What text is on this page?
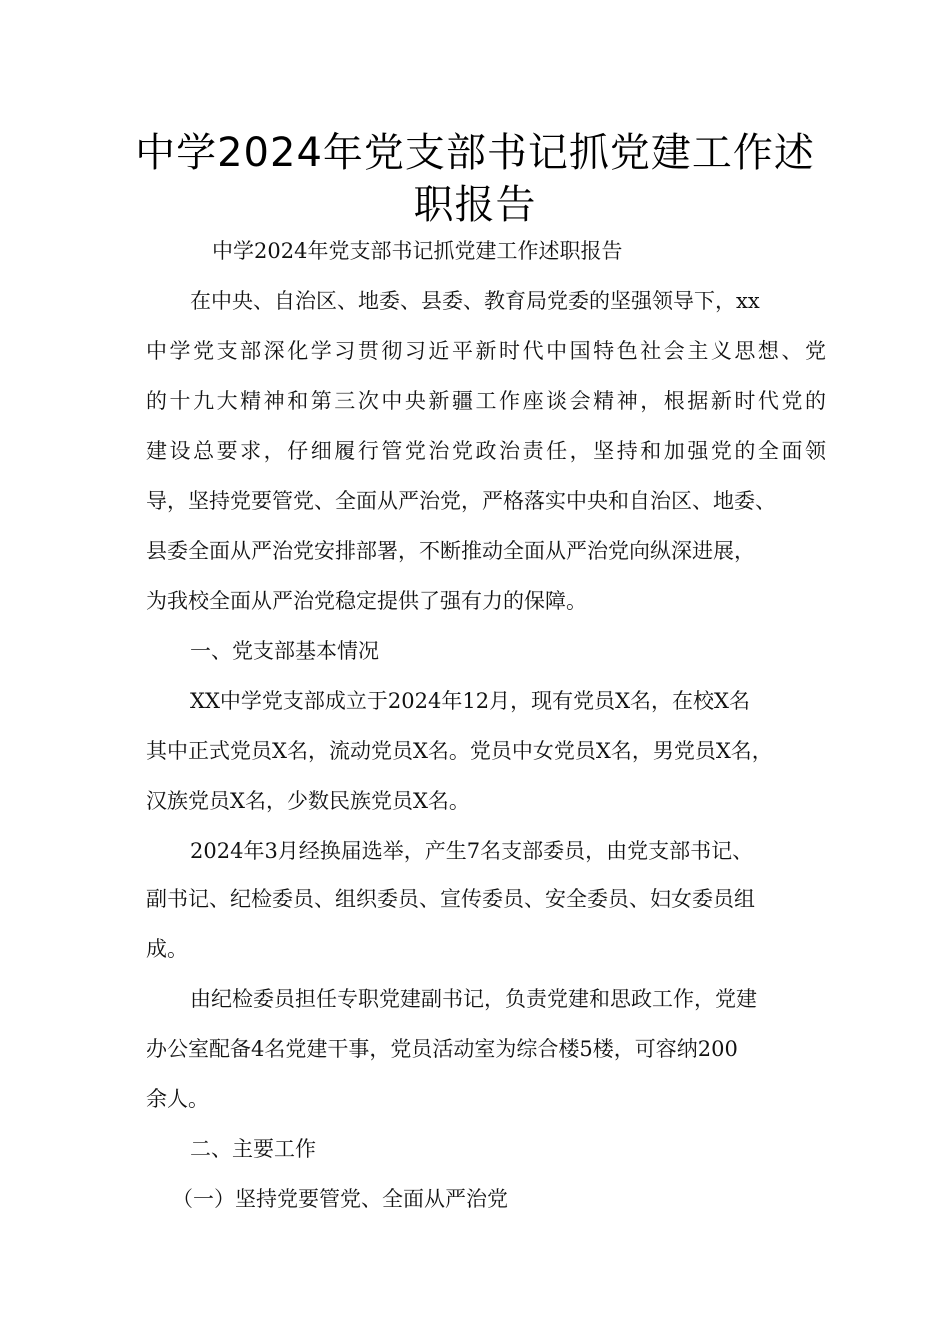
中学2024年党支部书记抓党建工作述
职报告

中学2024年党支部书记抓党建工作述职报告

在中央、自治区、地委、县委、教育局党委的坚强领导下，xx

中学党支部深化学习贯彻习近平新时代中国特色社会主义思想、党

的十九大精神和第三次中央新疆工作座谈会精神，根据新时代党的

建设总要求，仔细履行管党治党政治责任，坚持和加强党的全面领

导，坚持党要管党、全面从严治党，严格落实中央和自治区、地委、

县委全面从严治党安排部署，不断推动全面从严治党向纵深进展，

为我校全面从严治党稳定提供了强有力的保障。

一、党支部基本情况

XX中学党支部成立于2024年12月，现有党员X名，在校X名

其中正式党员X名，流动党员X名。党员中女党员X名，男党员X名，

汉族党员X名，少数民族党员X名。

2024年3月经换届选举，产生7名支部委员，由党支部书记、

副书记、纪检委员、组织委员、宣传委员、安全委员、妇女委员组

成。

由纪检委员担任专职党建副书记，负责党建和思政工作，党建

办公室配备4名党建干事，党员活动室为综合楼5楼，可容纳200

余人。

二、主要工作

（一）坚持党要管党、全面从严治党
